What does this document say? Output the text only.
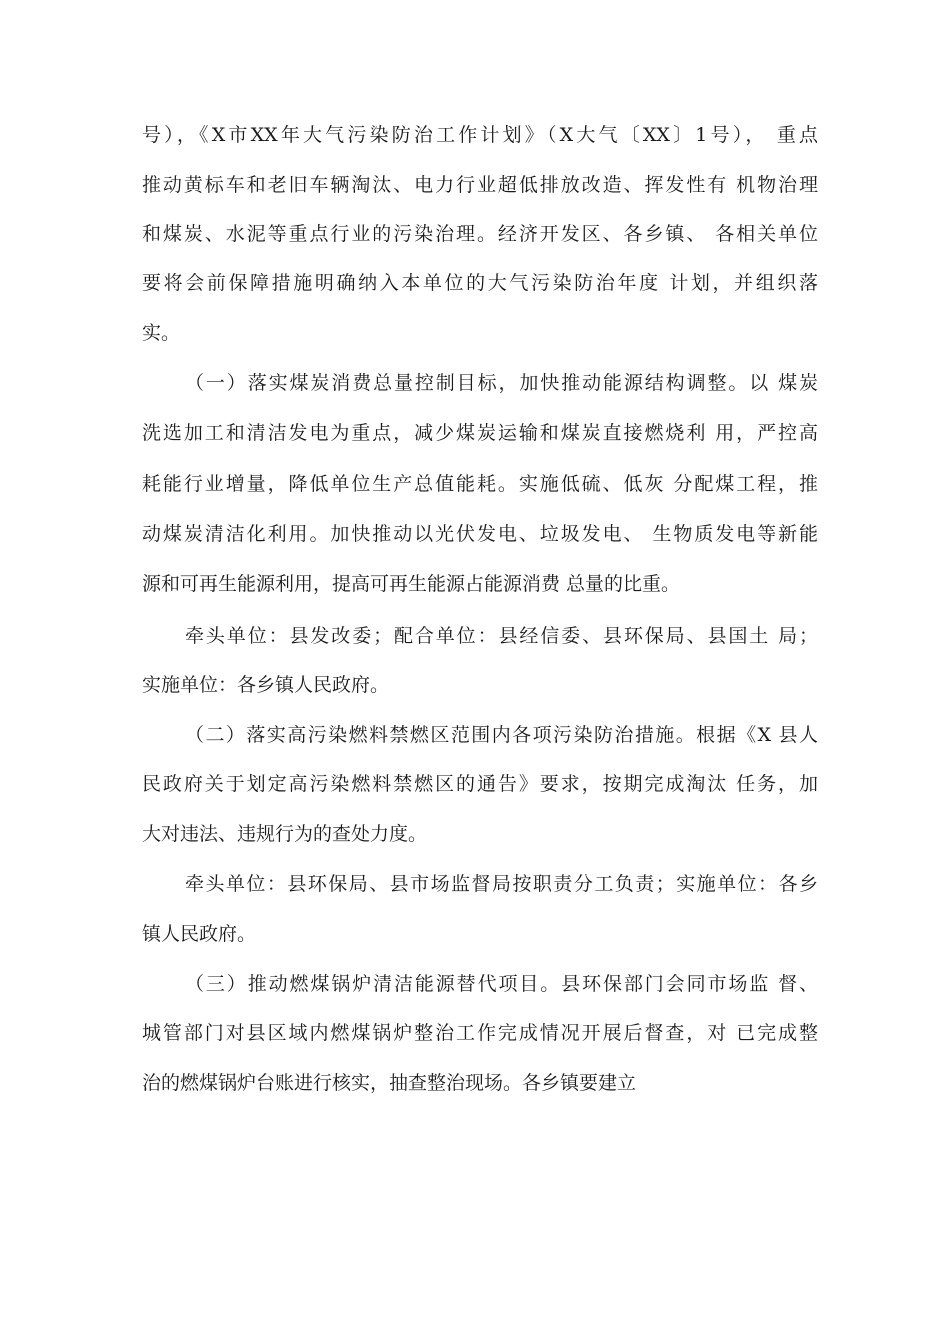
号），《X市XX年大气污染防治工作计划》（X大气〔XX〕1号）， 重点
推动黄标车和老旧车辆淘汰、电力行业超低排放改造、挥发性有 机物治理
和煤炭、水泥等重点行业的污染治理。经济开发区、各乡镇、 各相关单位
要将会前保障措施明确纳入本单位的大气污染防治年度 计划，并组织落
实。
（一）落实煤炭消费总量控制目标，加快推动能源结构调整。以 煤炭
洗选加工和清洁发电为重点，减少煤炭运输和煤炭直接燃烧利 用，严控高
耗能行业增量，降低单位生产总值能耗。实施低硫、低灰 分配煤工程，推
动煤炭清洁化利用。加快推动以光伏发电、垃圾发电、 生物质发电等新能
源和可再生能源利用，提高可再生能源占能源消费 总量的比重。
牵头单位：县发改委；配合单位：县经信委、县环保局、县国土 局；
实施单位：各乡镇人民政府。
（二）落实高污染燃料禁燃区范围内各项污染防治措施。根据《X 县人
民政府关于划定高污染燃料禁燃区的通告》要求，按期完成淘汰 任务，加
大对违法、违规行为的查处力度。
牵头单位：县环保局、县市场监督局按职责分工负责；实施单位：各乡
镇人民政府。
（三）推动燃煤锅炉清洁能源替代项目。县环保部门会同市场监 督、
城管部门对县区域内燃煤锅炉整治工作完成情况开展后督查，对 已完成整
治的燃煤锅炉台账进行核实，抽查整治现场。各乡镇要建立
